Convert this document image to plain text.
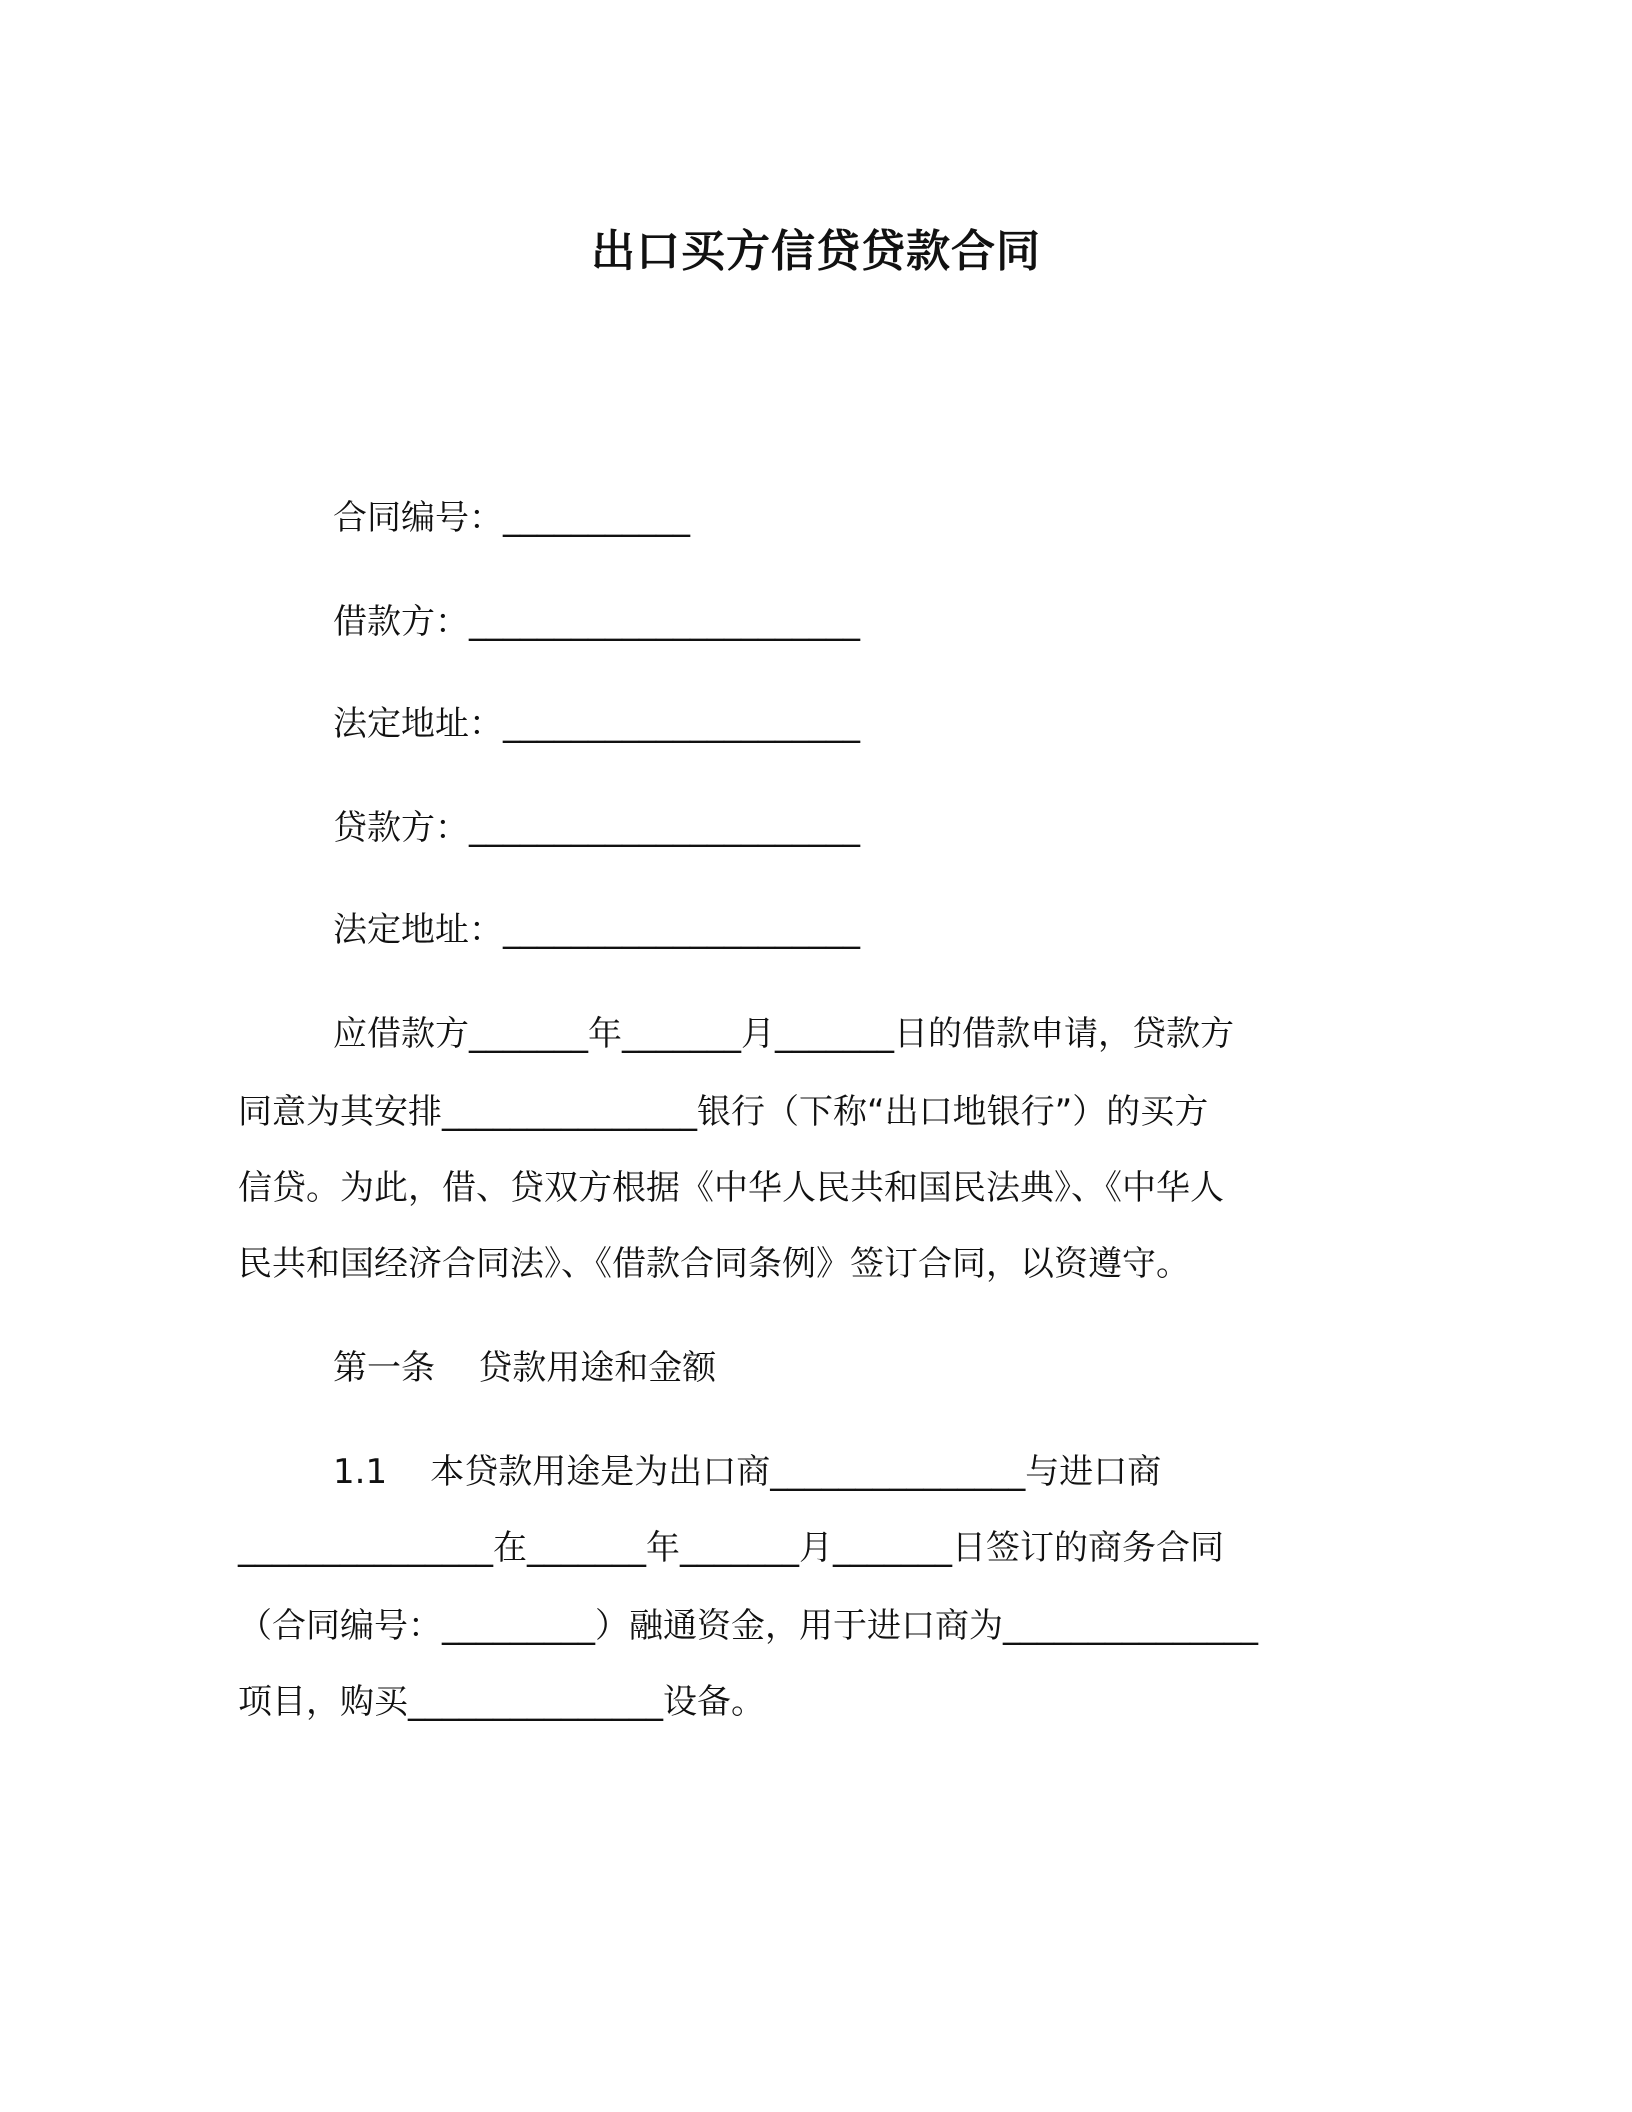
出口买方信贷贷款合同
合同编号：___________
借款方：_______________________
法定地址：_____________________
贷款方：_______________________
法定地址：_____________________
应借款方_______年_______月_______日的借款申请，贷款方
同意为其安排_______________银行（下称“出口地银行”）的买方
信贷。为此，借、贷双方根据《中华人民共和国民法典》、《中华人
民共和国经济合同法》、《借款合同条例》签订合同，以资遵守。
第一条    贷款用途和金额
1.1    本贷款用途是为出口商_______________与进口商
_______________在_______年_______月_______日签订的商务合同
（合同编号：_________）融通资金，用于进口商为_______________
项目，购买_______________设备。
